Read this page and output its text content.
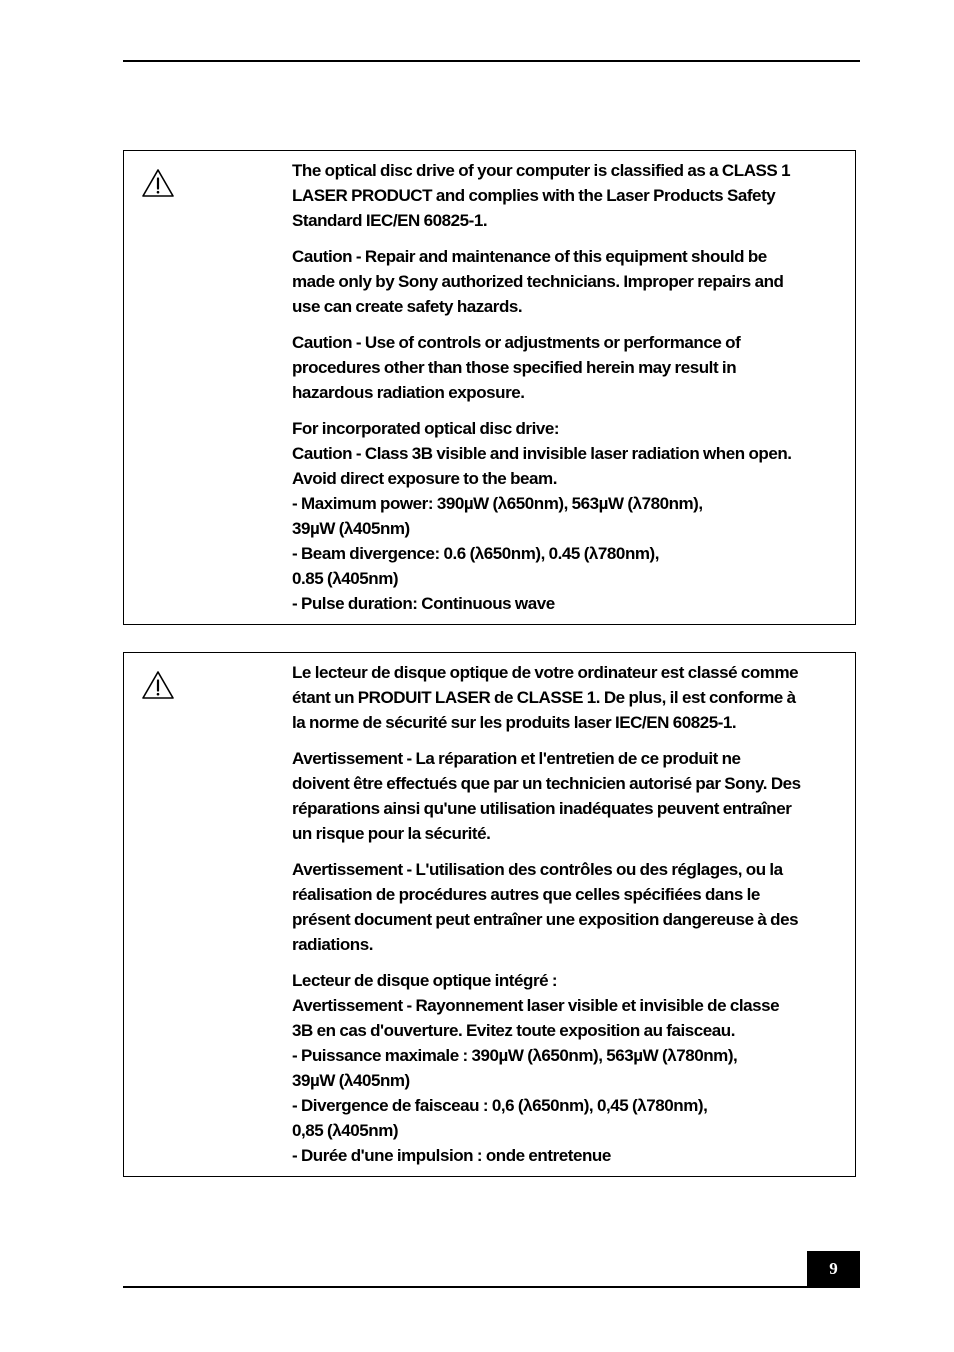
The optical disc drive of your computer is classified as a CLASS 1
LASER PRODUCT and complies with the Laser Products Safety
Standard IEC/EN 60825-1.

Caution - Repair and maintenance of this equipment should be
made only by Sony authorized technicians. Improper repairs and
use can create safety hazards.

Caution - Use of controls or adjustments or performance of
procedures other than those specified herein may result in
hazardous radiation exposure.

For incorporated optical disc drive:
Caution - Class 3B visible and invisible laser radiation when open.
Avoid direct exposure to the beam.
- Maximum power: 390µW (λ650nm), 563µW (λ780nm),
39µW (λ405nm)
- Beam divergence: 0.6 (λ650nm), 0.45 (λ780nm),
0.85 (λ405nm)
- Pulse duration: Continuous wave

Le lecteur de disque optique de votre ordinateur est classé comme
étant un PRODUIT LASER de CLASSE 1. De plus, il est conforme à
la norme de sécurité sur les produits laser IEC/EN 60825-1.

Avertissement - La réparation et l'entretien de ce produit ne
doivent être effectués que par un technicien autorisé par Sony. Des
réparations ainsi qu'une utilisation inadéquates peuvent entraîner
un risque pour la sécurité.

Avertissement - L'utilisation des contrôles ou des réglages, ou la
réalisation de procédures autres que celles spécifiées dans le
présent document peut entraîner une exposition dangereuse à des
radiations.

Lecteur de disque optique intégré :
Avertissement - Rayonnement laser visible et invisible de classe
3B en cas d'ouverture. Evitez toute exposition au faisceau.
- Puissance maximale : 390µW (λ650nm), 563µW (λ780nm),
39µW (λ405nm)
- Divergence de faisceau : 0,6 (λ650nm), 0,45 (λ780nm),
0,85 (λ405nm)
- Durée d'une impulsion : onde entretenue

9
